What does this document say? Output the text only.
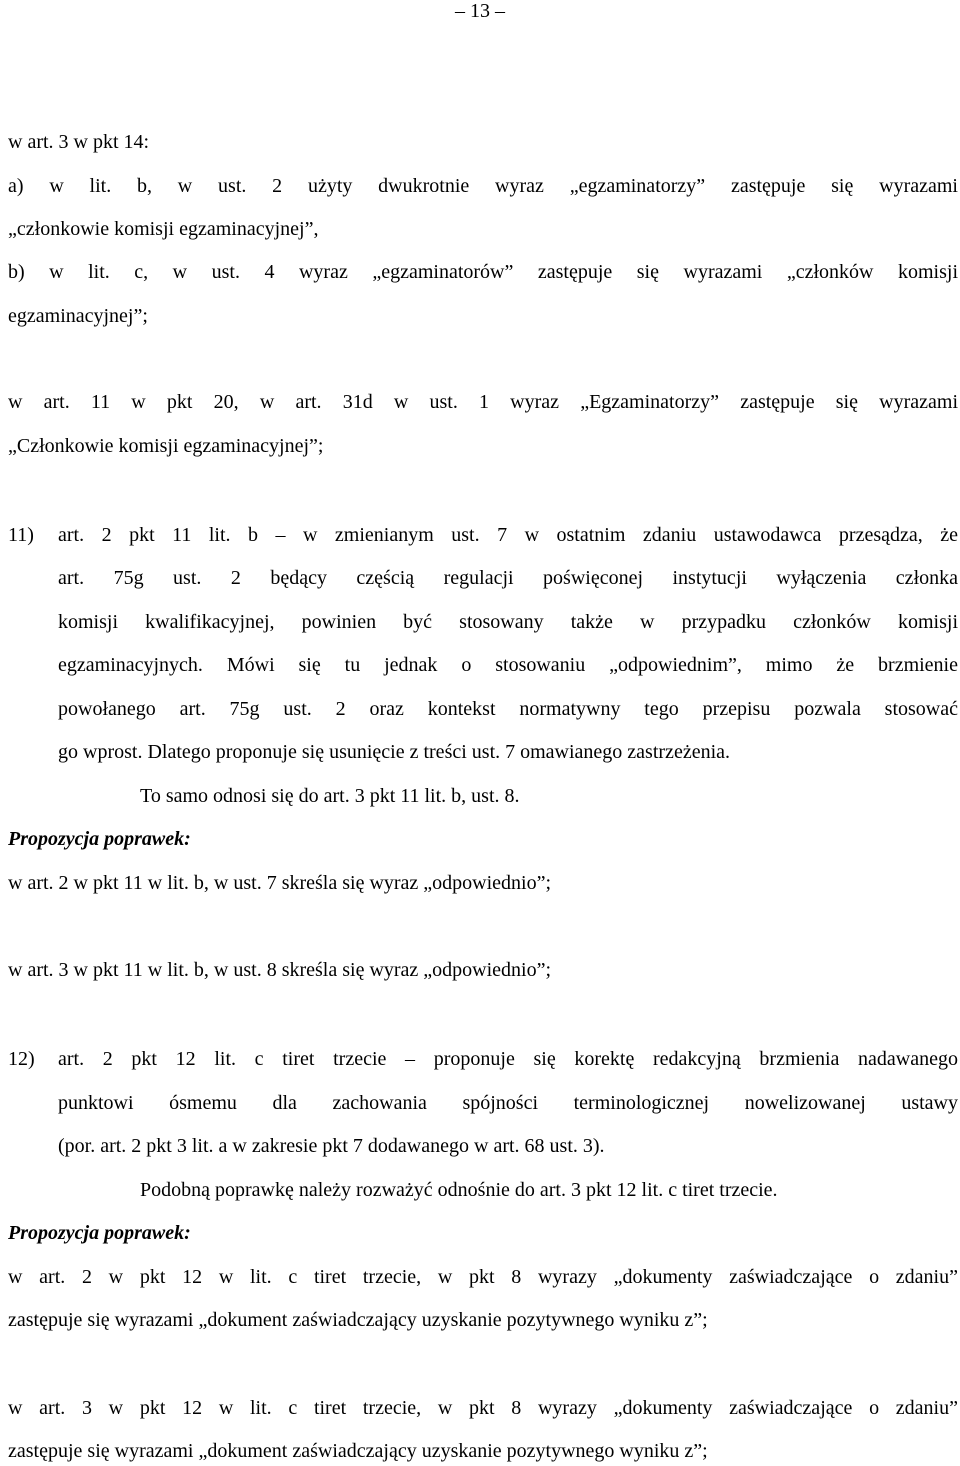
– 13 –
w art. 3 w pkt 14:
a) w lit. b, w ust. 2 użyty dwukrotnie wyraz „egzaminatorzy” zastępuje się wyrazami
„członkowie komisji egzaminacyjnej”,
b) w lit. c, w ust. 4 wyraz „egzaminatorów” zastępuje się wyrazami „członków komisji
egzaminacyjnej”;
w art. 11 w pkt 20, w art. 31d w ust. 1 wyraz „Egzaminatorzy” zastępuje się wyrazami
„Członkowie komisji egzaminacyjnej”;
11) art. 2 pkt 11 lit. b – w zmienianym ust. 7 w ostatnim zdaniu ustawodawca przesądza, że
art. 75g ust. 2 będący częścią regulacji poświęconej instytucji wyłączenia członka
komisji kwalifikacyjnej, powinien być stosowany także w przypadku członków komisji
egzaminacyjnych. Mówi się tu jednak o stosowaniu „odpowiednim”, mimo że brzmienie
powołanego art. 75g ust. 2 oraz kontekst normatywny tego przepisu pozwala stosować
go wprost. Dlatego proponuje się usunięcie z treści ust. 7 omawianego zastrzeżenia.
To samo odnosi się do art. 3 pkt 11 lit. b, ust. 8.
Propozycja poprawek:
w art. 2 w pkt 11 w lit. b, w ust. 7 skreśla się wyraz „odpowiednio”;
w art. 3 w pkt 11 w lit. b, w ust. 8 skreśla się wyraz „odpowiednio”;
12) art. 2 pkt 12 lit. c tiret trzecie – proponuje się korektę redakcyjną brzmienia nadawanego
punktowi ósmemu dla zachowania spójności terminologicznej nowelizowanej ustawy
(por. art. 2 pkt 3 lit. a w zakresie pkt 7 dodawanego w art. 68 ust. 3).
Podobną poprawkę należy rozważyć odnośnie do art. 3 pkt 12 lit. c tiret trzecie.
Propozycja poprawek:
w art. 2 w pkt 12 w lit. c tiret trzecie, w pkt 8 wyrazy „dokumenty zaświadczające o zdaniu”
zastępuje się wyrazami „dokument zaświadczający uzyskanie pozytywnego wyniku z”;
w art. 3 w pkt 12 w lit. c tiret trzecie, w pkt 8 wyrazy „dokumenty zaświadczające o zdaniu”
zastępuje się wyrazami „dokument zaświadczający uzyskanie pozytywnego wyniku z”;
